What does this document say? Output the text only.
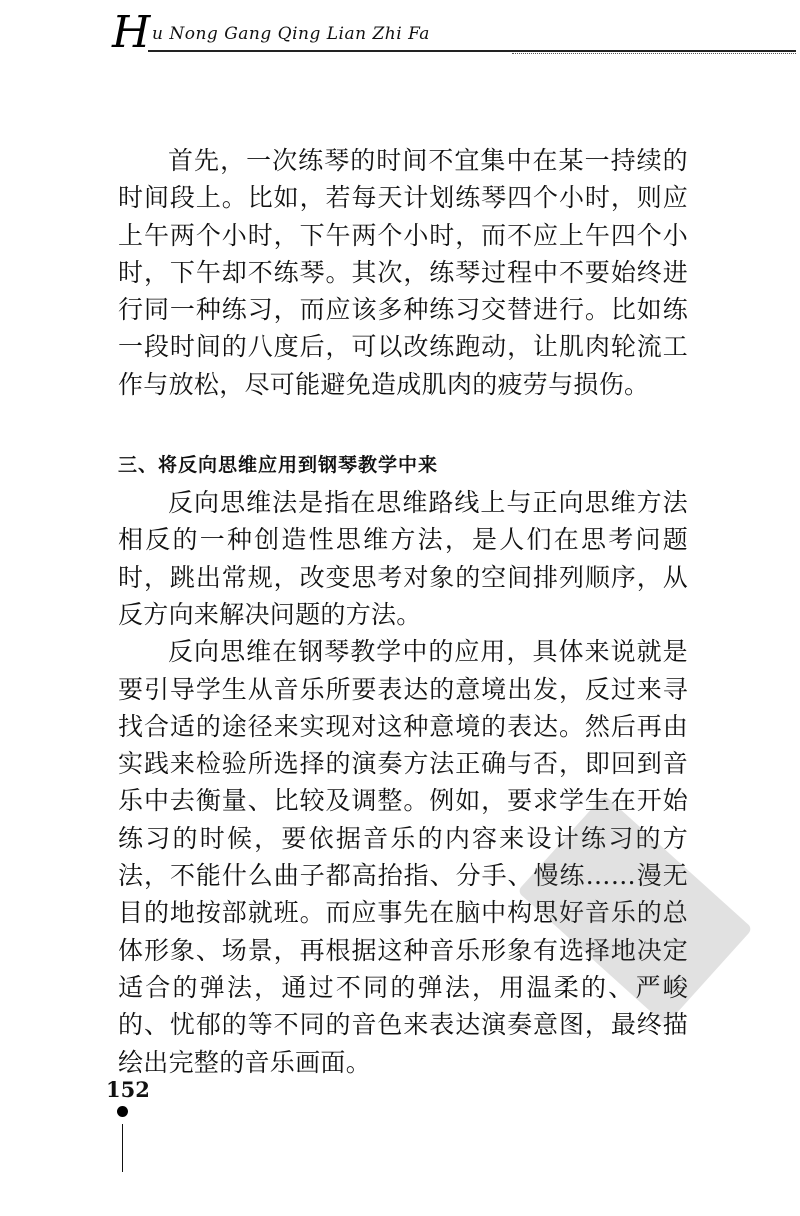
H u Nong Gang Qing Lian Zhi Fa

首先，一次练琴的时间不宜集中在某一持续的时间段上。比如，若每天计划练琴四个小时，则应上午两个小时，下午两个小时，而不应上午四个小时，下午却不练琴。其次，练琴过程中不要始终进行同一种练习，而应该多种练习交替进行。比如练一段时间的八度后，可以改练跑动，让肌肉轮流工作与放松，尽可能避免造成肌肉的疲劳与损伤。

三、将反向思维应用到钢琴教学中来

反向思维法是指在思维路线上与正向思维方法相反的一种创造性思维方法，是人们在思考问题时，跳出常规，改变思考对象的空间排列顺序，从反方向来解决问题的方法。

反向思维在钢琴教学中的应用，具体来说就是要引导学生从音乐所要表达的意境出发，反过来寻找合适的途径来实现对这种意境的表达。然后再由实践来检验所选择的演奏方法正确与否，即回到音乐中去衡量、比较及调整。例如，要求学生在开始练习的时候，要依据音乐的内容来设计练习的方法，不能什么曲子都高抬指、分手、慢练……漫无目的地按部就班。而应事先在脑中构思好音乐的总体形象、场景，再根据这种音乐形象有选择地决定适合的弹法，通过不同的弹法，用温柔的、严峻的、忧郁的等不同的音色来表达演奏意图，最终描绘出完整的音乐画面。

152
